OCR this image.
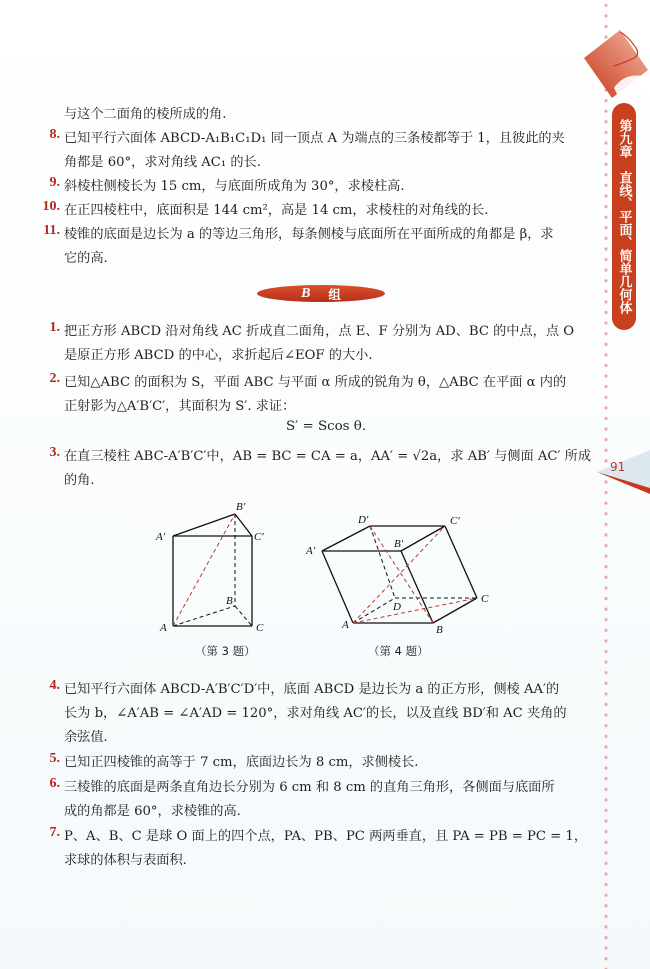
第九章　直线、平面、简单几何体
91
与这个二面角的棱所成的角.
8. 已知平行六面体 ABCD-A₁B₁C₁D₁ 同一顶点 A 为端点的三条棱都等于 1，且彼此的夹
角都是 60°，求对角线 AC₁ 的长.
9. 斜棱柱侧棱长为 15 cm，与底面所成角为 30°，求棱柱高.
10. 在正四棱柱中，底面积是 144 cm²，高是 14 cm，求棱柱的对角线的长.
11. 棱锥的底面是边长为 a 的等边三角形，每条侧棱与底面所在平面所成的角都是 β，求
它的高.
B 组
1. 把正方形 ABCD 沿对角线 AC 折成直二面角，点 E、F 分别为 AD、BC 的中点，点 O
是原正方形 ABCD 的中心，求折起后∠EOF 的大小.
2. 已知△ABC 的面积为 S，平面 ABC 与平面 α 所成的锐角为 θ，△ABC 在平面 α 内的
正射影为△A′B′C′，其面积为 S′. 求证：
S′ = Scos θ.
3. 在直三棱柱 ABC-A′B′C′中，AB = BC = CA = a，AA′ = √2a，求 AB′ 与侧面 AC′ 所成
的角.
B′
A′	C′
B
A	C
（第 3 题）
D′	C′
A′
B′
D
C
A	B
（第 4 题）
4. 已知平行六面体 ABCD-A′B′C′D′中，底面 ABCD 是边长为 a 的正方形，侧棱 AA′的
长为 b，∠A′AB = ∠A′AD = 120°，求对角线 AC′的长，以及直线 BD′和 AC 夹角的
余弦值.
5. 已知正四棱锥的高等于 7 cm，底面边长为 8 cm，求侧棱长.
6. 三棱锥的底面是两条直角边长分别为 6 cm 和 8 cm 的直角三角形，各侧面与底面所
成的角都是 60°，求棱锥的高.
7. P、A、B、C 是球 O 面上的四个点，PA、PB、PC 两两垂直，且 PA = PB = PC = 1，
求球的体积与表面积.
